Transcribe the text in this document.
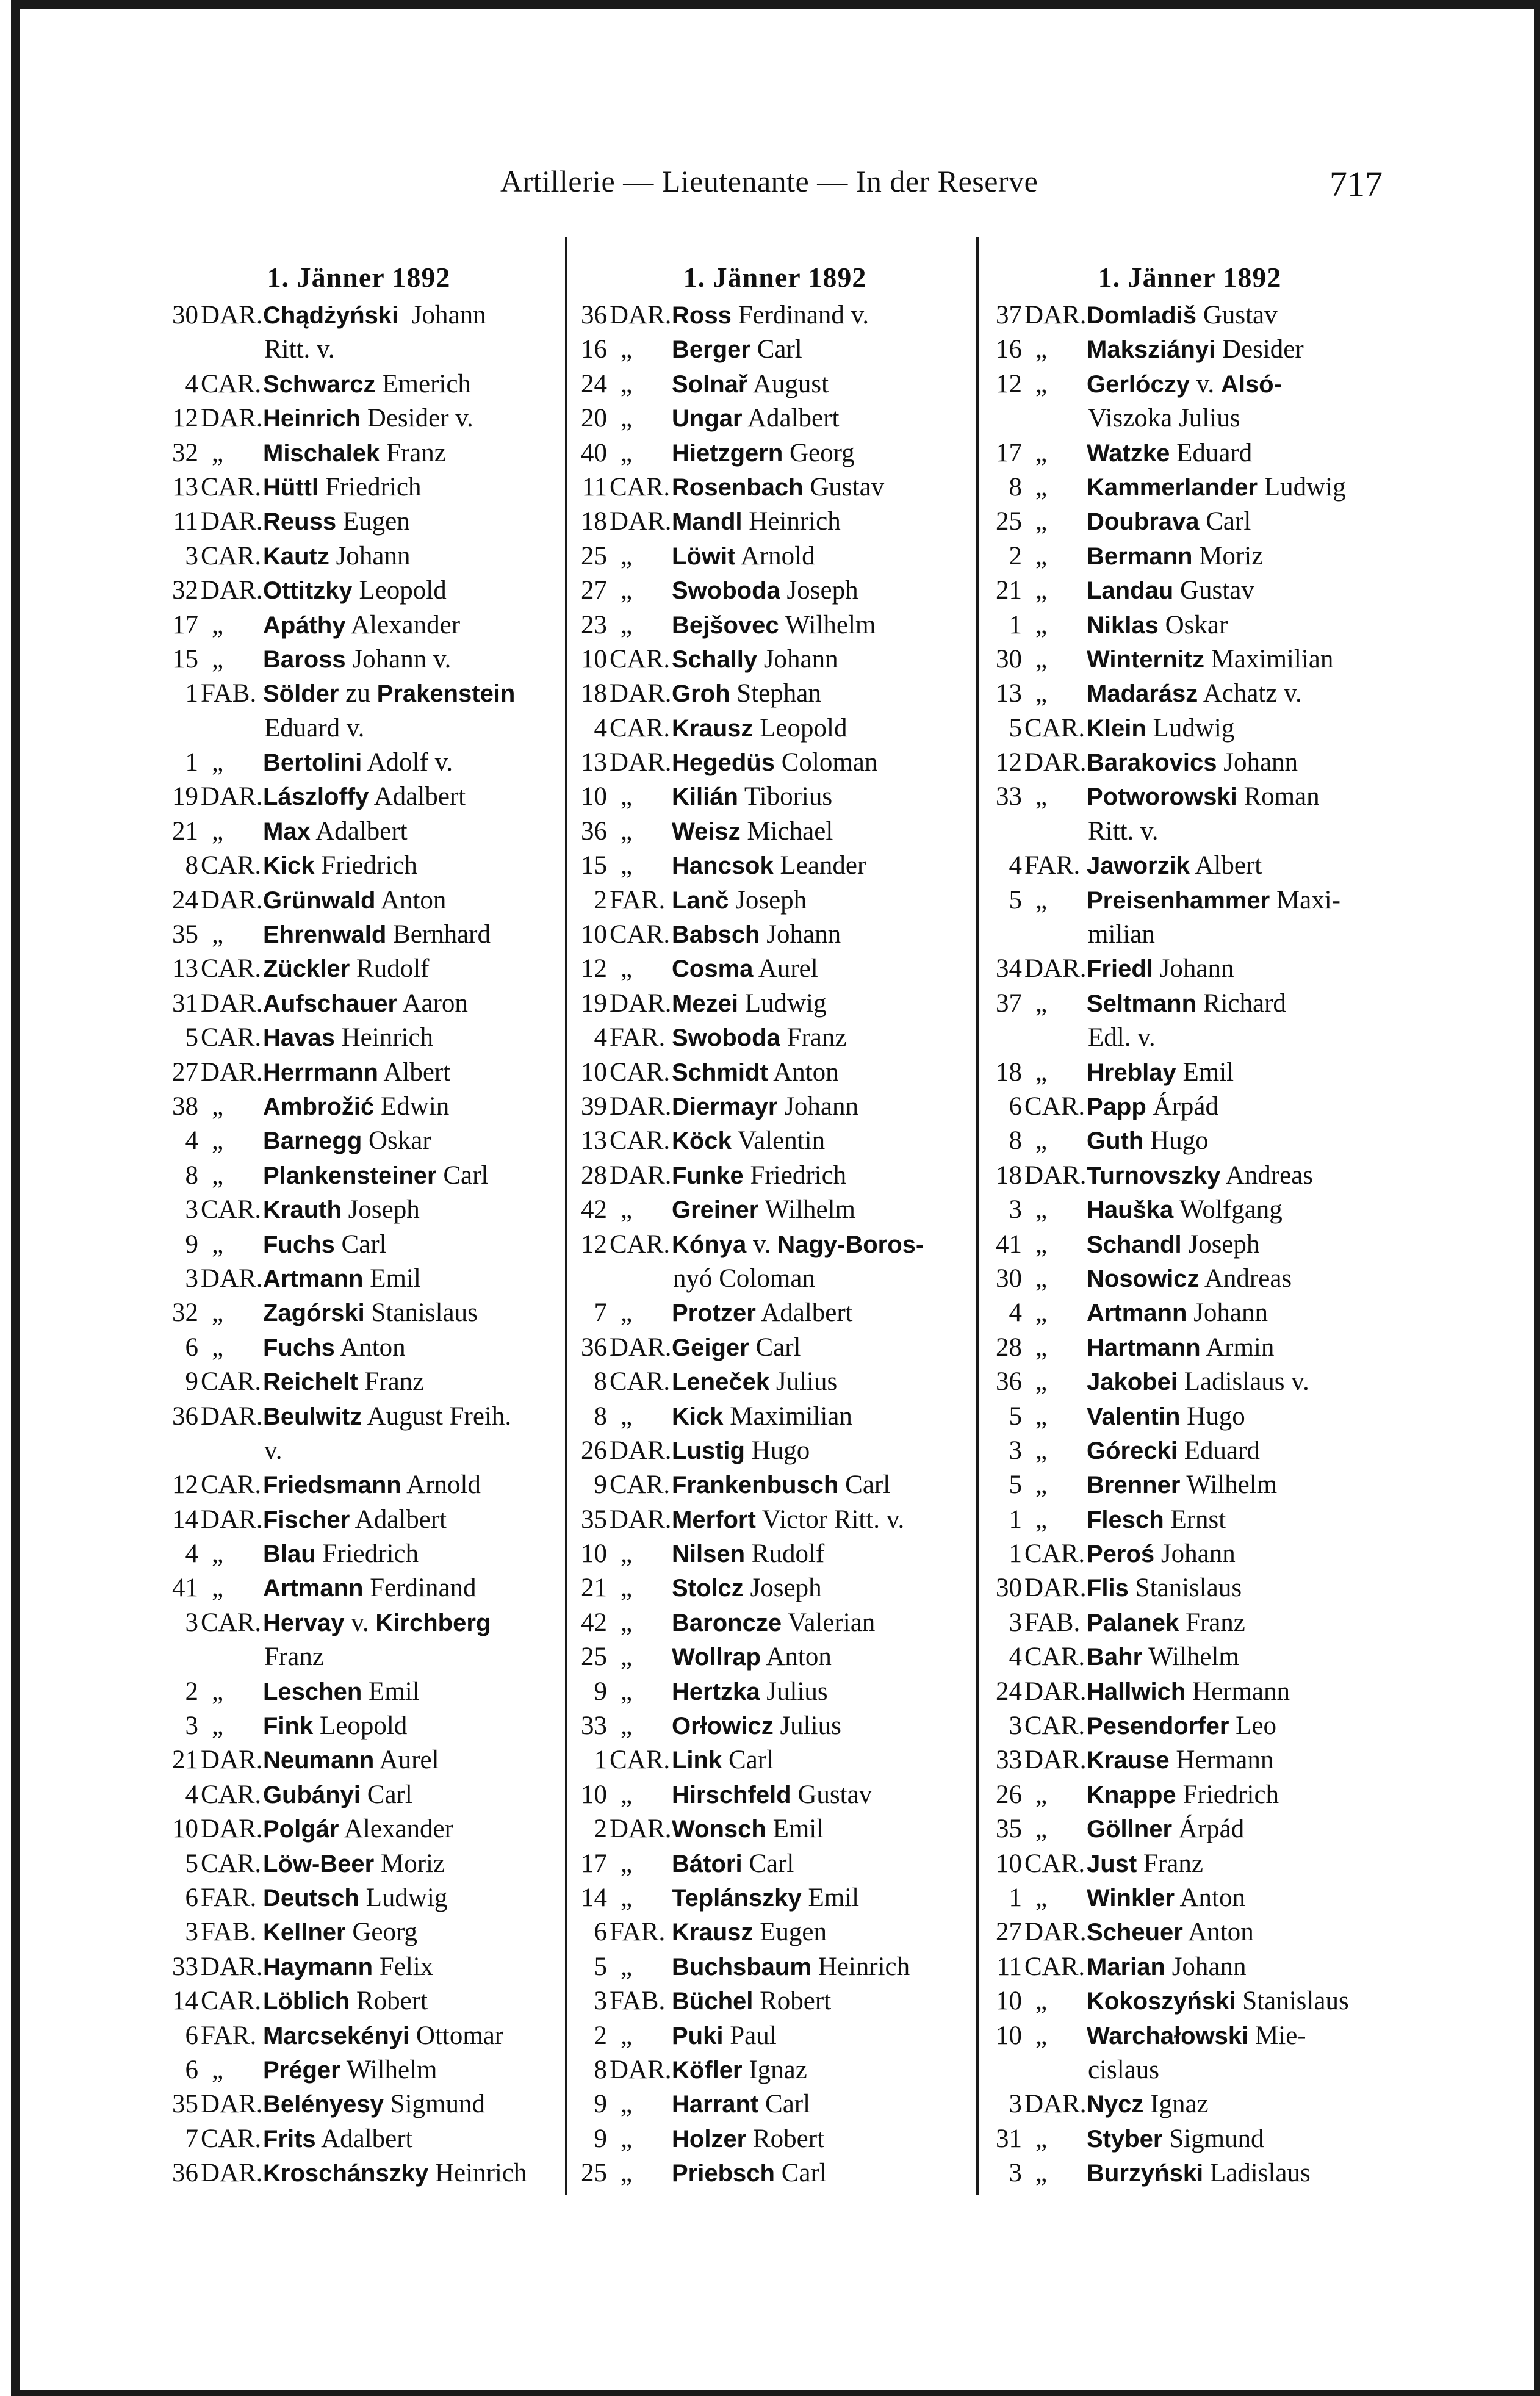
Artillerie — Lieutenante — In der Reserve	717
1. Jänner 1892
30 DAR. Chądżyński  Johann
Ritt. v.
4 CAR. Schwarcz Emerich
12 DAR. Heinrich Desider v.
32 „	Mischalek Franz
13 CAR. Hüttl Friedrich
11 DAR. Reuss Eugen
3 CAR. Kautz Johann
32 DAR. Ottitzky Leopold
17 „	Apáthy Alexander
15 „	Baross Johann v.
1 FAB. Sölder zu Prakenstein
Eduard v.
1 „	Bertolini Adolf v.
19 DAR. Lászloffy Adalbert
21 „	Max Adalbert
8 CAR. Kick Friedrich
24 DAR. Grünwald Anton
35 „	Ehrenwald Bernhard
13 CAR. Zückler Rudolf
31 DAR. Aufschauer Aaron
5 CAR. Havas Heinrich
27 DAR. Herrmann Albert
38 „	Ambrožić Edwin
4 „	Barnegg Oskar
8 „	Plankensteiner Carl
3 CAR. Krauth Joseph
9 „	Fuchs Carl
3 DAR. Artmann Emil
32 „	Zagórski Stanislaus
6 „	Fuchs Anton
9 CAR. Reichelt Franz
36 DAR. Beulwitz August Freih.
v.
12 CAR. Friedsmann Arnold
14 DAR. Fischer Adalbert
4 „	Blau Friedrich
41 „	Artmann Ferdinand
3 CAR. Hervay v. Kirchberg
Franz
2 „	Leschen Emil
3 „	Fink Leopold
21 DAR. Neumann Aurel
4 CAR. Gubányi Carl
10 DAR. Polgár Alexander
5 CAR. Löw-Beer Moriz
6 FAR. Deutsch Ludwig
3 FAB. Kellner Georg
33 DAR. Haymann Felix
14 CAR. Löblich Robert
6 FAR. Marcsekényi Ottomar
6 „	Préger Wilhelm
35 DAR. Belényesy Sigmund
7 CAR. Frits Adalbert
36 DAR. Kroschánszky Heinrich
1. Jänner 1892
36 DAR. Ross Ferdinand v.
16 „	Berger Carl
24 „	Solnař August
20 „	Ungar Adalbert
40 „	Hietzgern Georg
11 CAR. Rosenbach Gustav
18 DAR. Mandl Heinrich
25 „	Löwit Arnold
27 „	Swoboda Joseph
23 „	Bejšovec Wilhelm
10 CAR. Schally Johann
18 DAR. Groh Stephan
4 CAR. Krausz Leopold
13 DAR. Hegedüs Coloman
10 „	Kilián Tiborius
36 „	Weisz Michael
15 „	Hancsok Leander
2 FAR. Lanč Joseph
10 CAR. Babsch Johann
12 „	Cosma Aurel
19 DAR. Mezei Ludwig
4 FAR. Swoboda Franz
10 CAR. Schmidt Anton
39 DAR. Diermayr Johann
13 CAR. Köck Valentin
28 DAR. Funke Friedrich
42 „	Greiner Wilhelm
12 CAR. Kónya v. Nagy-Boros-
nyó Coloman
7 „	Protzer Adalbert
36 DAR. Geiger Carl
8 CAR. Leneček Julius
8 „	Kick Maximilian
26 DAR. Lustig Hugo
9 CAR. Frankenbusch Carl
35 DAR. Merfort Victor Ritt. v.
10 „	Nilsen Rudolf
21 „	Stolcz Joseph
42 „	Baroncze Valerian
25 „	Wollrap Anton
9 „	Hertzka Julius
33 „	Orłowicz Julius
1 CAR. Link Carl
10 „	Hirschfeld Gustav
2 DAR. Wonsch Emil
17 „	Bátori Carl
14 „	Teplánszky Emil
6 FAR. Krausz Eugen
5 „	Buchsbaum Heinrich
3 FAB. Büchel Robert
2 „	Puki Paul
8 DAR. Köfler Ignaz
9 „	Harrant Carl
9 „	Holzer Robert
25 „	Priebsch Carl
1. Jänner 1892
37 DAR. Domladiš Gustav
16 „	Makszіányi Desider
12 „	Gerlóczy v. Alsó-
Viszoka Julius
17 „	Watzke Eduard
8 „	Kammerlander Ludwig
25 „	Doubrava Carl
2 „	Bermann Moriz
21 „	Landau Gustav
1 „	Niklas Oskar
30 „	Winternitz Maximilian
13 „	Madarász Achatz v.
5 CAR. Klein Ludwig
12 DAR. Barakovics Johann
33 „	Potworowski Roman
Ritt. v.
4 FAR. Jaworzik Albert
5 „	Preisenhammer Maxi-
milian
34 DAR. Friedl Johann
37 „	Seltmann Richard
Edl. v.
18 „	Hreblay Emil
6 CAR. Papp Árpád
8 „	Guth Hugo
18 DAR. Turnovszky Andreas
3 „	Hauška Wolfgang
41 „	Schandl Joseph
30 „	Nosowicz Andreas
4 „	Artmann Johann
28 „	Hartmann Armin
36 „	Jakobei Ladislaus v.
5 „	Valentin Hugo
3 „	Górecki Eduard
5 „	Brenner Wilhelm
1 „	Flesch Ernst
1 CAR. Peroś Johann
30 DAR. Flis Stanislaus
3 FAB. Palanek Franz
4 CAR. Bahr Wilhelm
24 DAR. Hallwich Hermann
3 CAR. Pesendorfer Leo
33 DAR. Krause Hermann
26 „	Knappe Friedrich
35 „	Göllner Árpád
10 CAR. Just Franz
1 „	Winkler Anton
27 DAR. Scheuer Anton
11 CAR. Marian Johann
10 „	Kokoszyński Stanislaus
10 „	Warchałowski Mie-
cislaus
3 DAR. Nycz Ignaz
31 „	Styber Sigmund
3 „	Burzyński Ladislaus
